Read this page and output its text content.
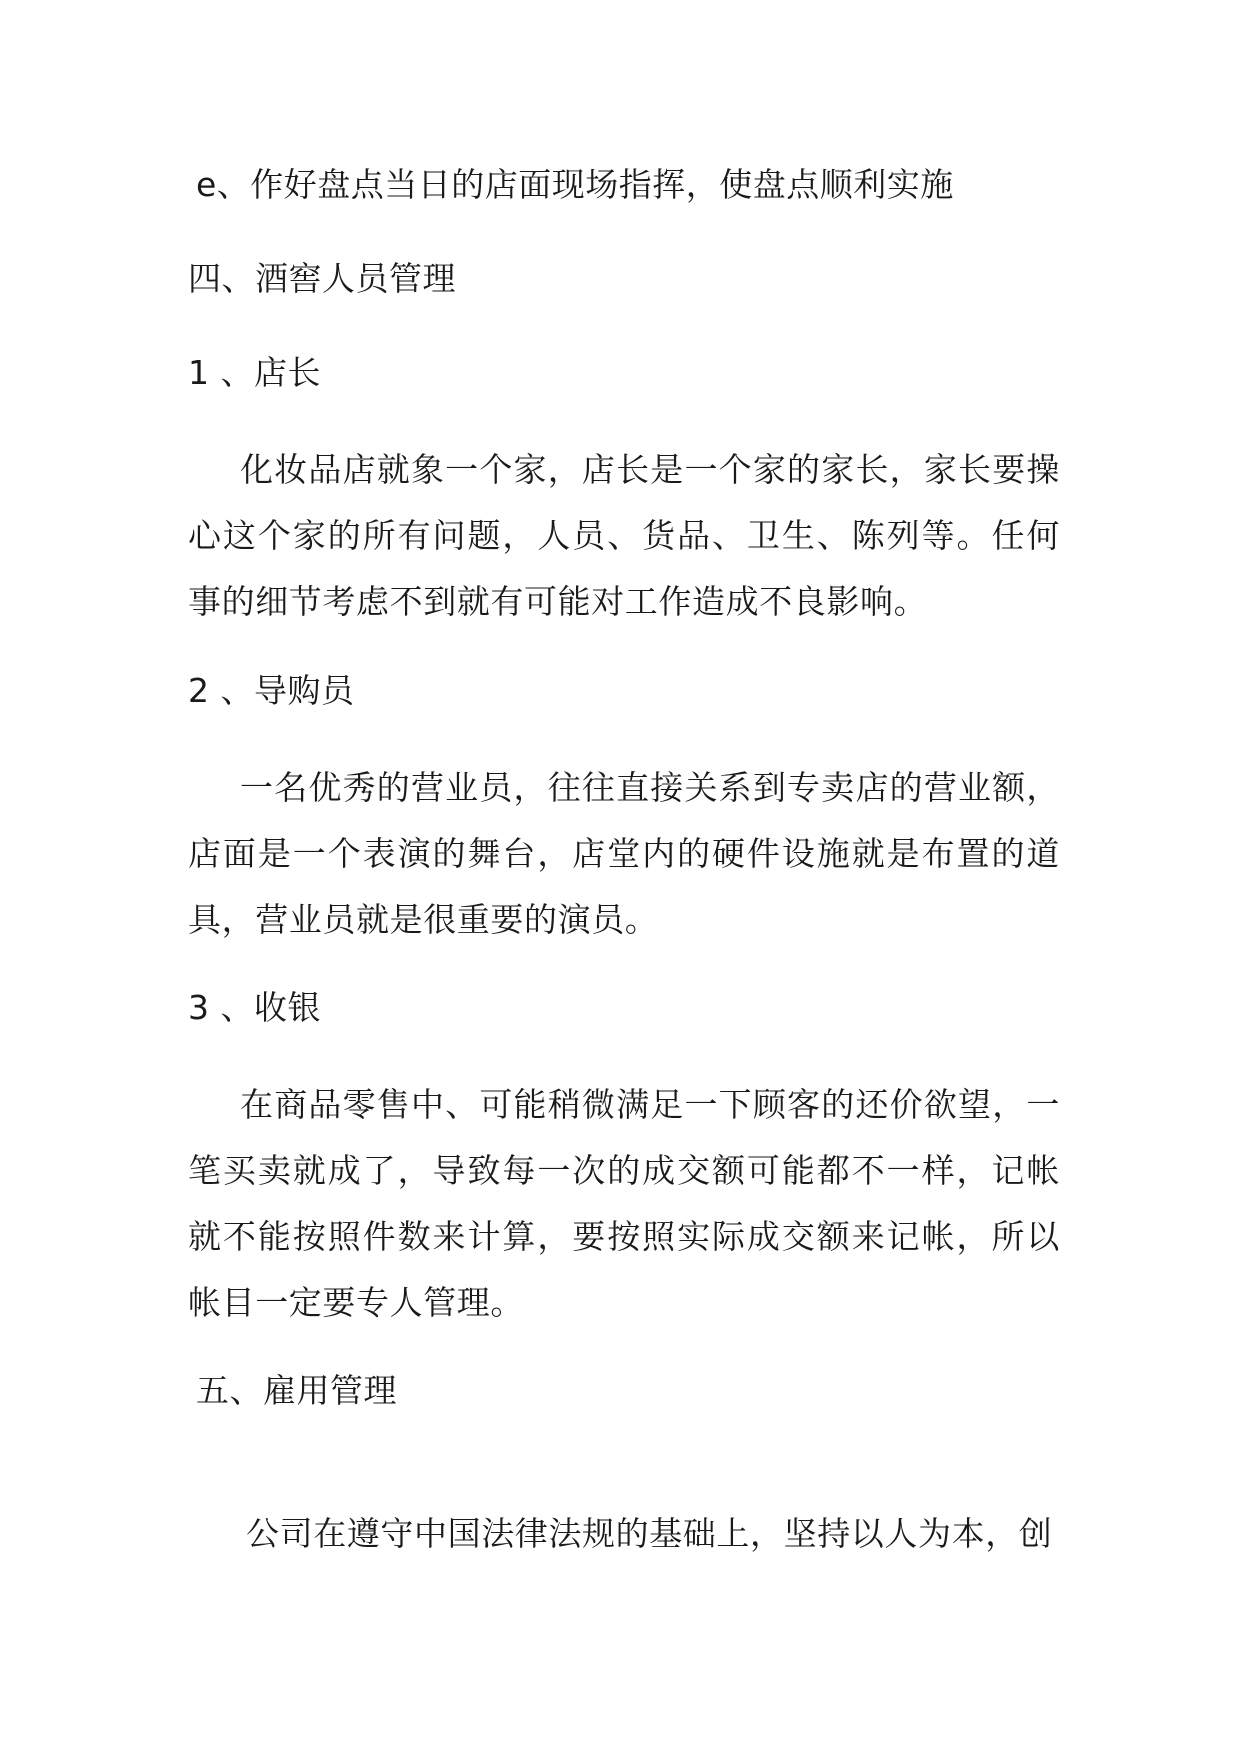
e、作好盘点当日的店面现场指挥，使盘点顺利实施
四、酒窖人员管理
1 、店长
化妆品店就象一个家，店长是一个家的家长，家长要操心这个家的所有问题，人员、货品、卫生、陈列等。任何事的细节考虑不到就有可能对工作造成不良影响。
2 、导购员
一名优秀的营业员，往往直接关系到专卖店的营业额，店面是一个表演的舞台，店堂内的硬件设施就是布置的道具，营业员就是很重要的演员。
3 、收银
在商品零售中、可能稍微满足一下顾客的还价欲望，一笔买卖就成了，导致每一次的成交额可能都不一样，记帐就不能按照件数来计算，要按照实际成交额来记帐，所以帐目一定要专人管理。
五、雇用管理
公司在遵守中国法律法规的基础上，坚持以人为本，创
